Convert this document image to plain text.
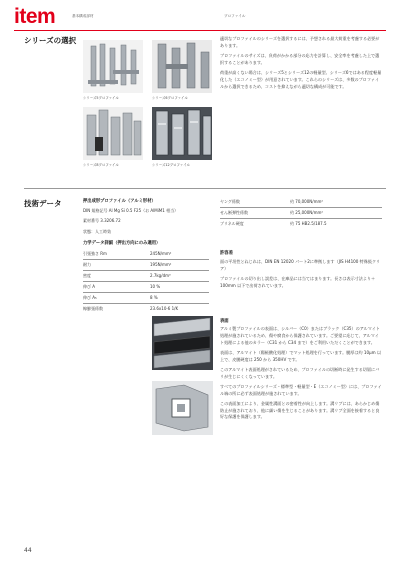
item	基本構成部材	プロファイル
シリーズの選択
シリーズ5プロファイル	シリーズ6プロファイル
シリーズ8プロファイル	シリーズ12プロファイル

適切なプロファイルのシリーズを選択するには、予想される最大荷重を考慮する必要があります。

プロファイルのサイズは、負荷がかかる部分の応力を計算し、安全率を考慮した上で選択することがあります。

荷重が高くない場合は、シリーズ5とシリーズ12の軽量型。シリーズ6ではある程度軽量化した（エコノミー型）が用意されています。これらのシリーズは、多数のプロファイルから選択できるため、コストを抑えながら適切な構成が可能です。

技術データ	押出成形プロファイル（アルミ形材）
DIN 規格記号 Al Mg Si 0.5 F25（お AlMiM1 相当）
素材番号 3.3206.72
状態：人工時効
力学データ詳細（押出方向にのみ適用）
引張強さ Rm	245N/mm²
耐力	195N/mm²
密度	2.7kg/dm³
伸び A	10 %
伸び A₅	8 %
線膨張係数	23.6x10-6 1/K
ヤング係数	約 70,000N/mm²
せん断弾性係数	約 25,000N/mm²
ブリネル硬度	約 75 HB2.5/187.5
許容差

面の平坦性とねじれは、DIN EN 12020 パート2に準拠します（JIS H4100 特殊級クリア）

プロファイルの切り出し誤差は、在庫品には当てはまります。長さは表示寸法より＋100mm 以下で出荷されています。

表面

アルミ製プロファイルの表面は、シルバー（C0）またはブラック（C35）のアルマイト処理が施されているため、傷や腐食から保護されています。ご要望に応じて、アルマイト処理による他のカラー（C31 から C34 まで）をご利用いただくことができます。

表面は、アルマイト（陽極酸化処理）でマット処理を行っています。膜厚は約 10μm 以上で、皮膜硬度は 250 から 350HV です。

このアルマイト表面処理がされているため、プロファイルの切断時に発生する切屑にバリが生じにくくなっています。

すべてのプロファイルシリーズ・標準型・軽量型・E（エコノミー型）には、プロファイル端の所に必ず表面処理が施されています。

この表面加工により、金属性溝面との密着性が向上します。溝リブには、あらかじめ傷防止が施されており、他に細い傷を生じることがあります。溝リブ全面を接着すると良好な保護を保護します。

44
